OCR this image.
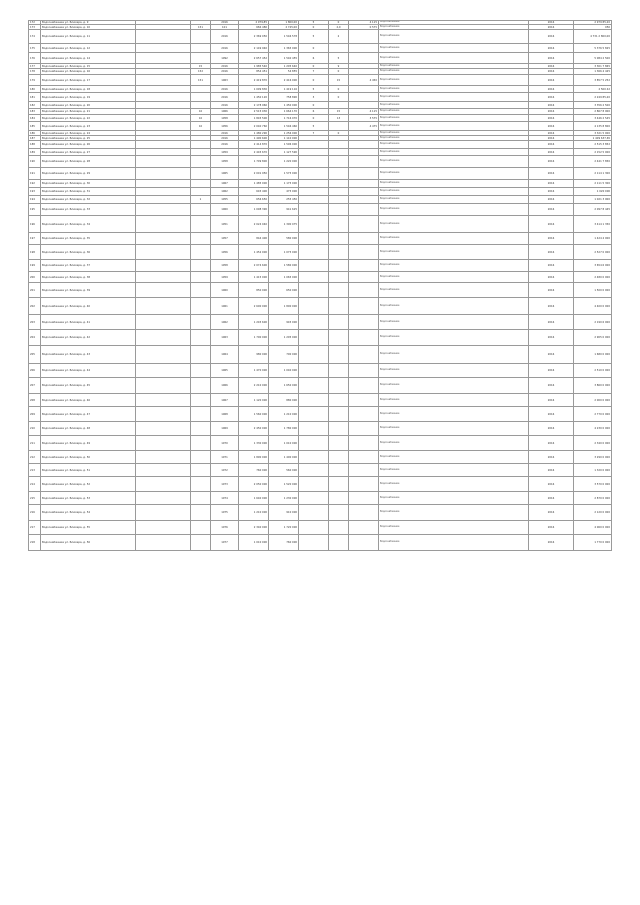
172	Водоснабжение ул. Блюхера, д. 9			2016	2 979,85	1 800,00	5	0	4 115	Водоснабжение	2016	2 979 85,20
173	Водоснабжение ул. Блюхера, д. 10		151	101	684 480	2 745,00	0	2,0	0 575	Водоснабжение	2016	950
174	Водоснабжение ул. Блюхера, д. 11			2016	2 369 050	1 546 578	5	2		Водоснабжение	2016	4 731 2 800,00
175	Водоснабжение ул. Блюхера, д. 12			2016	2 149 940	1 365 000	0			Водоснабжение	2016	5 376 5 825
176	Водоснабжение ул. Блюхера, д. 14			1992	2 657 452	1 540 455	6	5		Водоснабжение	2016	5 084 2 500
177	Водоснабжение ул. Блюхера, д. 15		15	2016	1 985 540	1 205 640	0	9		Водоснабжение	2016	3 301 7 865
178	Водоснабжение ул. Блюхера, д. 16		152	2016	854 451	54 855	7	0		Водоснабжение	2016	1 366 4 425
179	Водоснабжение ул. Блюхера, д. 17		151	1963	2 419 870	2 416 000	0	15	4 450	Водоснабжение	2016	3 857 5 252
180	Водоснабжение ул. Блюхера, д. 18			2016	1 099 830	1 419 116	5	0		Водоснабжение	2016	2 500 42
181	Водоснабжение ул. Блюхера, д. 19			2016	1 450 120	758 890	3	0		Водоснабжение	2016	2 249 85,20
182	Водоснабжение ул. Блюхера, д. 20			2016	2 178 960	1 450 000	0			Водоснабжение	2016	3 356 2 500
183	Водоснабжение ул. Блюхера, д. 21		10	1966	2 515 030	1 664 170	6	15	4 115	Водоснабжение	2016	2 867 8 900
184	Водоснабжение ул. Блюхера, д. 22		10	1958	1 845 500	1 716 070	0	13	3 575	Водоснабжение	2016	3 446 2 545
185	Водоснабжение ул. Блюхера, д. 23		10	1956	2 040 760	1 546 460	5		4 475	Водоснабжение	2016	4 135 8 800
186	Водоснабжение ул. Блюхера, д. 24			2016	1 480 290	1 256 000	7	0		Водоснабжение	2016	3 321 5 000
187	Водоснабжение ул. Блюхера, д. 25			2016	1 490 600	1 110 000				Водоснабжение	2016	1 409 637,65
188	Водоснабжение ул. Блюхера, д. 26			2016	2 414 870	1 596 000				Водоснабжение	2016	2 515 3 852
189	Водоснабжение ул. Блюхера, д. 27			1959	2 445 670	1 127 590				Водоснабжение	2016	2 152 5 000
190	Водоснабжение ул. Блюхера, д. 28			1958	1 709 800	1 220 000				Водоснабжение	2016	2 441 7 850
191	Водоснабжение ул. Блюхера, д. 29			1965	2 001 950	1 575 000				Водоснабжение	2016	2 114 1 300
192	Водоснабжение ул. Блюхера, д. 30			1967	1 485 000	1 175 000				Водоснабжение	2016	2 111 5 300
193	Водоснабжение ул. Блюхера, д. 31			1962	645 400	475 000				Водоснабжение	2016	1 020 000
194	Водоснабжение ул. Блюхера, д. 32		1	1955	656 650	255 450				Водоснабжение	2016	1 021 3 900
195	Водоснабжение ул. Блюхера, д. 33			1960	1 098 390	941 625				Водоснабжение	2016	2 097 8 445
196	Водоснабжение ул. Блюхера, д. 34			1951	2 024 040	1 390 075				Водоснабжение	2016	3 414 1 350
197	Водоснабжение ул. Блюхера, д. 35			1957	844 400	580 000				Водоснабжение	2016	1 424 4 000
198	Водоснабжение ул. Блюхера, д. 36			1956	1 452 000	1 075 000				Водоснабжение	2016	2 527 0 000
199	Водоснабжение ул. Блюхера, д. 37			1958	2 074 600	1 580 000				Водоснабжение	2016	3 654 6 000
200	Водоснабжение ул. Блюхера, д. 38			1959	1 415 000	1 065 000				Водоснабжение	2016	2 480 0 000
201	Водоснабжение ул. Блюхера, д. 39			1960	850 000	650 000				Водоснабжение	2016	1 500 0 000
202	Водоснабжение ул. Блюхера, д. 40			1961	2 600 000	1 800 000				Водоснабжение	2016	4 400 0 000
203	Водоснабжение ул. Блюхера, д. 41			1962	1 245 600	945 000				Водоснабжение	2016	2 190 6 000
204	Водоснабжение ул. Блюхера, д. 42			1963	1 700 000	1 205 000				Водоснабжение	2016	2 905 0 000
205	Водоснабжение ул. Блюхера, д. 43			1964	980 000	700 000				Водоснабжение	2016	1 680 0 000
206	Водоснабжение ул. Блюхера, д. 44			1965	1 470 000	1 040 000				Водоснабжение	2016	2 510 0 000
207	Водоснабжение ул. Блюхера, д. 45			1966	2 210 000	1 650 000				Водоснабжение	2016	3 860 0 000
208	Водоснабжение ул. Блюхера, д. 46			1967	1 120 000	880 000				Водоснабжение	2016	2 000 0 000
209	Водоснабжение ул. Блюхера, д. 47			1968	1 560 000	1 210 000				Водоснабжение	2016	2 770 0 000
210	Водоснабжение ул. Блюхера, д. 48			1969	2 450 000	1 780 000				Водоснабжение	2016	4 230 0 000
211	Водоснабжение ул. Блюхера, д. 49			1970	1 330 000	1 010 000				Водоснабжение	2016	2 340 0 000
212	Водоснабжение ул. Блюхера, д. 50			1971	1 890 000	1 400 000				Водоснабжение	2016	3 290 0 000
213	Водоснабжение ул. Блюхера, д. 51			1972	760 000	560 000				Водоснабжение	2016	1 320 0 000
214	Водоснабжение ул. Блюхера, д. 52			1973	2 050 000	1 520 000				Водоснабжение	2016	3 570 0 000
215	Водоснабжение ул. Блюхера, д. 53			1974	1 640 000	1 230 000				Водоснабжение	2016	2 870 0 000
216	Водоснабжение ул. Блюхера, д. 54			1975	1 210 000	910 000				Водоснабжение	2016	2 120 0 000
217	Водоснабжение ул. Блюхера, д. 55			1976	2 340 000	1 720 000				Водоснабжение	2016	4 060 0 000
218	Водоснабжение ул. Блюхера, д. 56			1977	1 010 000	760 000				Водоснабжение	2016	1 770 0 000
